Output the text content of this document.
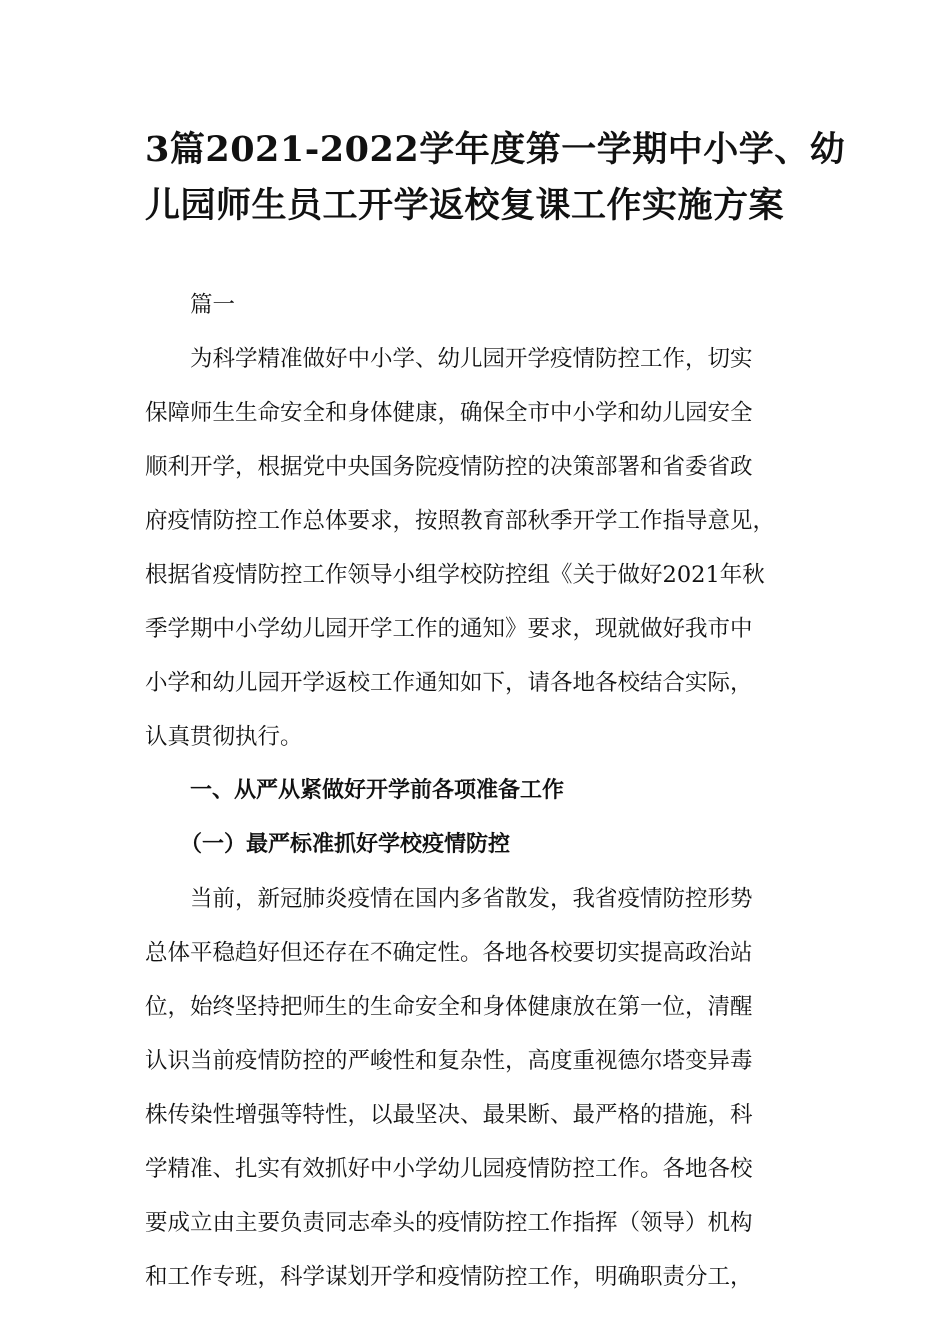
3篇2021-2022学年度第一学期中小学、幼
儿园师生员工开学返校复课工作实施方案
篇一
为科学精准做好中小学、幼儿园开学疫情防控工作，切实
保障师生生命安全和身体健康，确保全市中小学和幼儿园安全
顺利开学，根据党中央国务院疫情防控的决策部署和省委省政
府疫情防控工作总体要求，按照教育部秋季开学工作指导意见，
根据省疫情防控工作领导小组学校防控组《关于做好2021年秋
季学期中小学幼儿园开学工作的通知》要求，现就做好我市中
小学和幼儿园开学返校工作通知如下，请各地各校结合实际，
认真贯彻执行。
一、从严从紧做好开学前各项准备工作
（一）最严标准抓好学校疫情防控
当前，新冠肺炎疫情在国内多省散发，我省疫情防控形势
总体平稳趋好但还存在不确定性。各地各校要切实提高政治站
位，始终坚持把师生的生命安全和身体健康放在第一位，清醒
认识当前疫情防控的严峻性和复杂性，高度重视德尔塔变异毒
株传染性增强等特性，以最坚决、最果断、最严格的措施，科
学精准、扎实有效抓好中小学幼儿园疫情防控工作。各地各校
要成立由主要负责同志牵头的疫情防控工作指挥（领导）机构
和工作专班，科学谋划开学和疫情防控工作，明确职责分工，
